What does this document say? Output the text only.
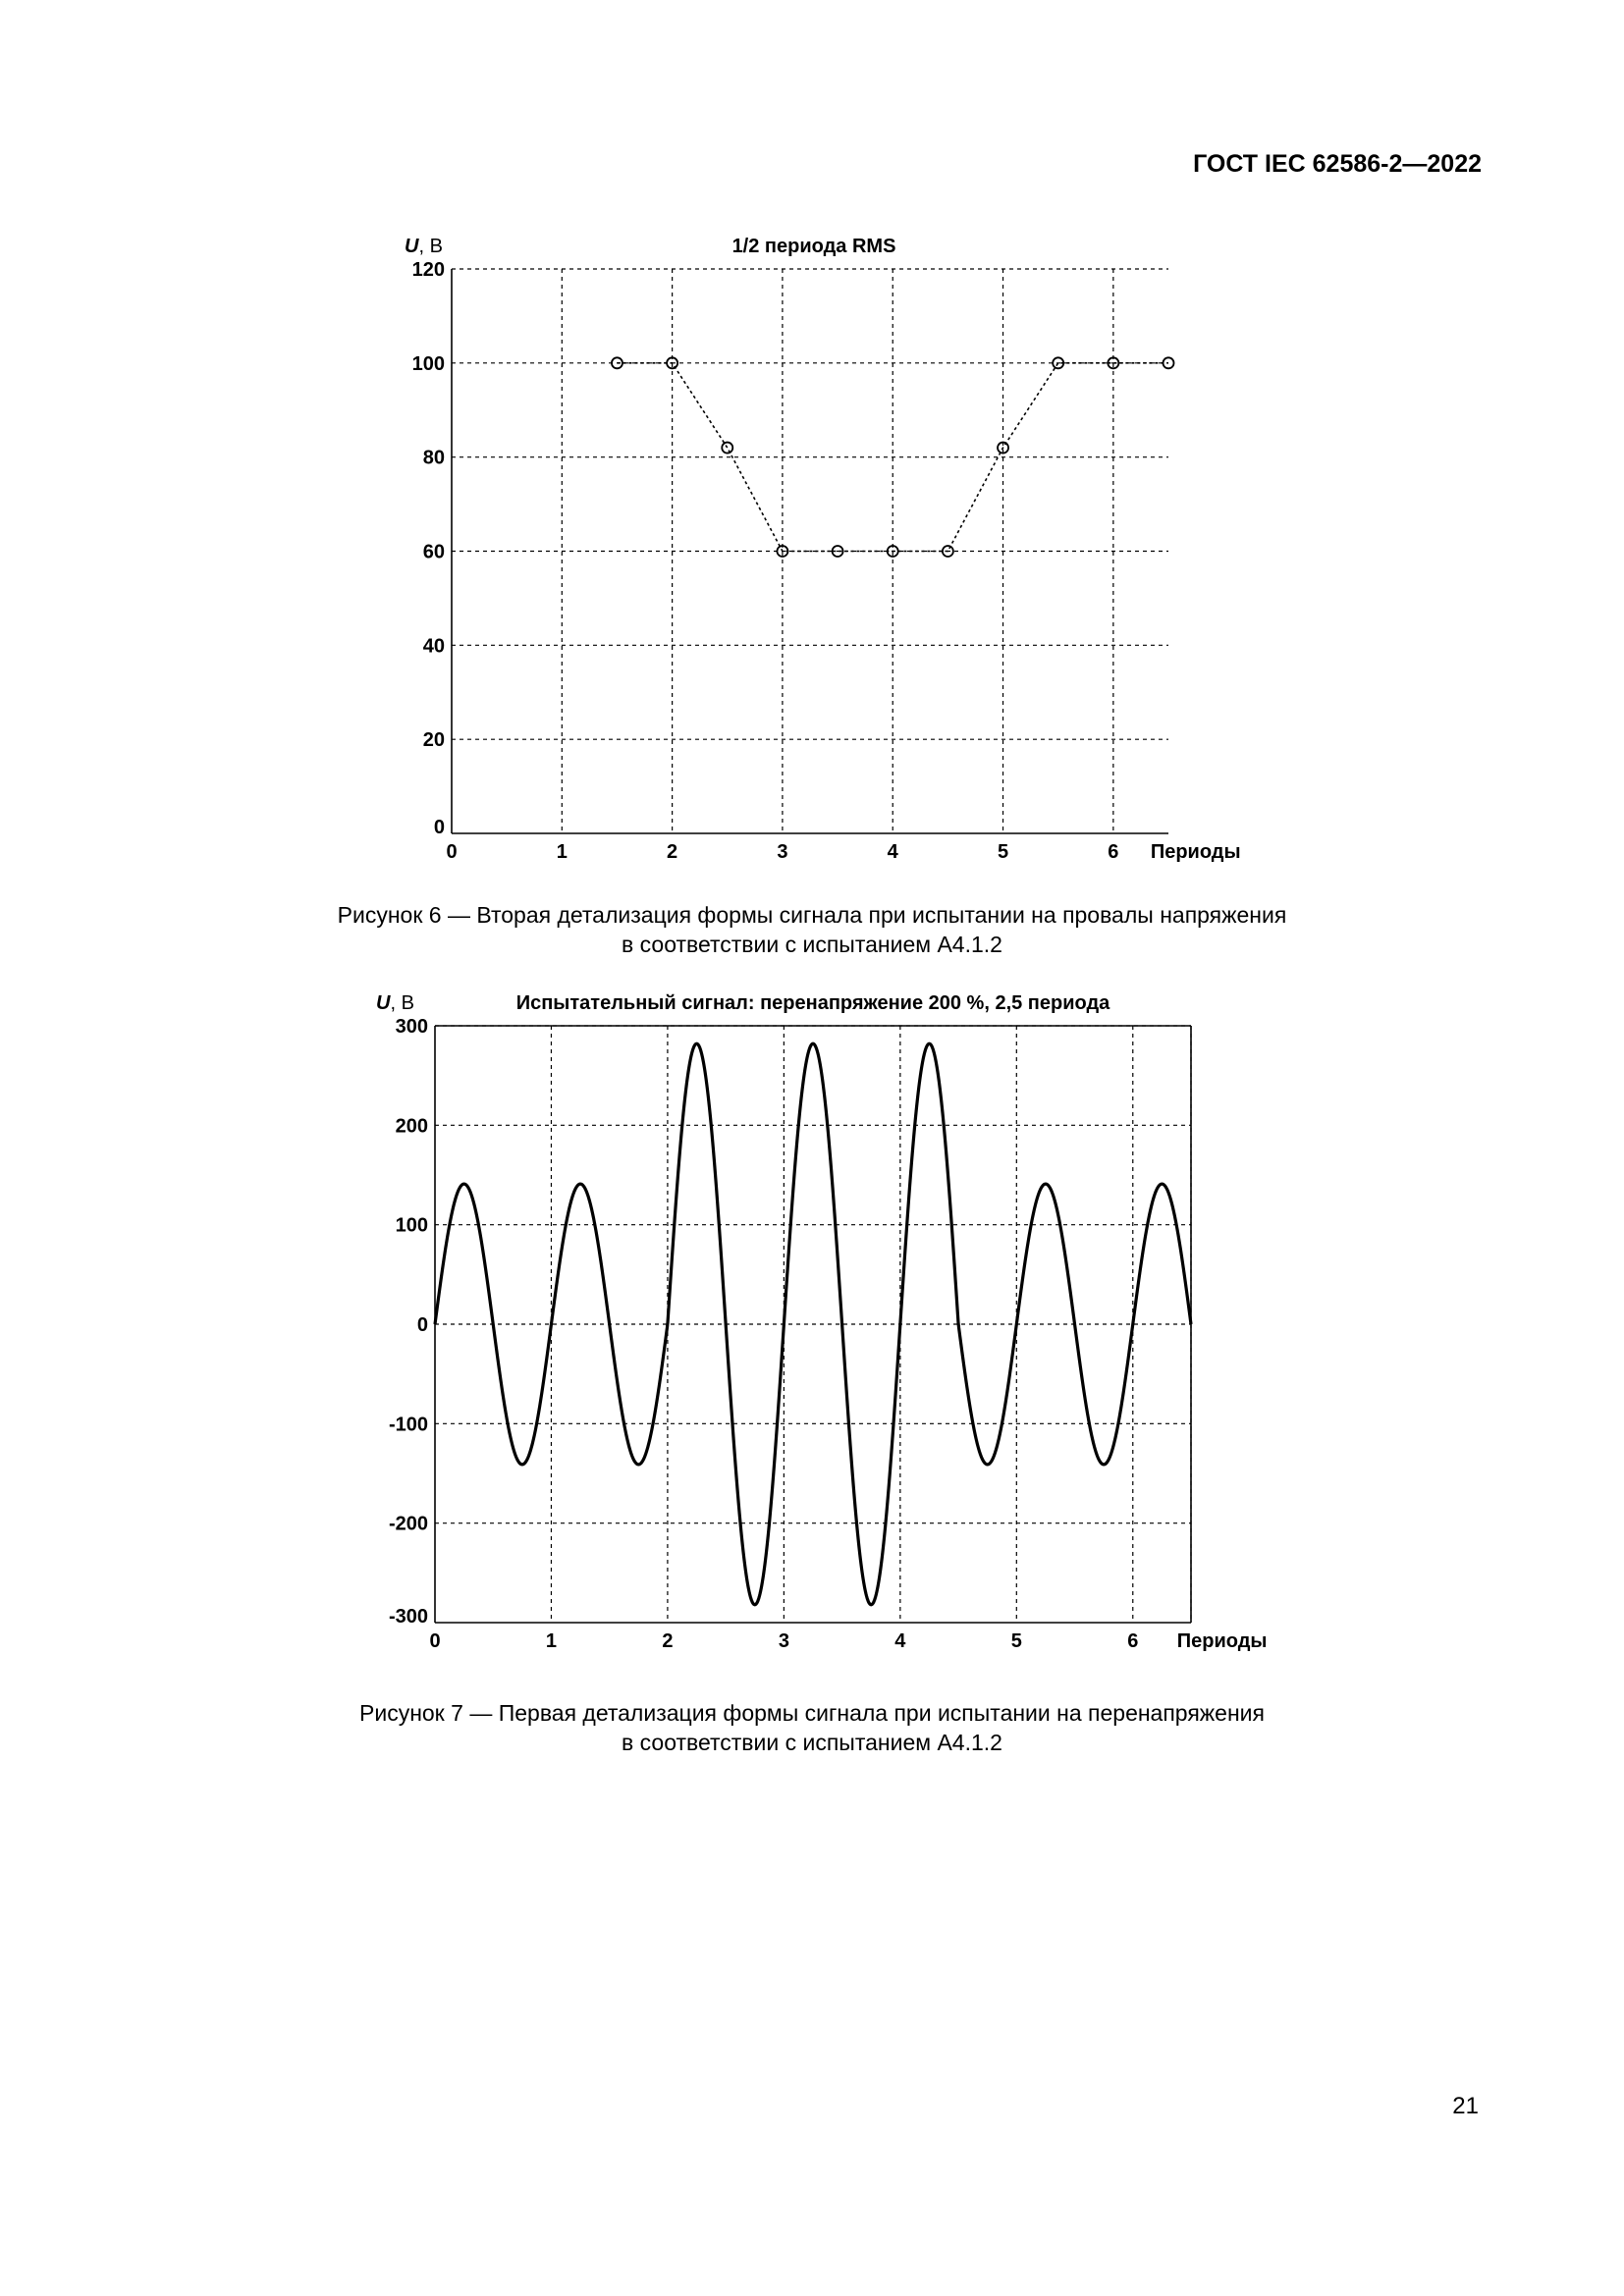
ГОСТ IEC 62586-2—2022
0
20
40
60
80
100
120
0	1	2	3	4	5	6 Периоды
U, В	1/2 периода RMS
Рисунок 6 — Вторая детализация формы сигнала при испытании на провалы напряжения
в соответствии с испытанием А4.1.2
-300
-200
-100
0
100
200
300
0	1	2	3	4	5	6 Периоды
U, В	Испытательный сигнал: перенапряжение 200 %, 2,5 периода
Рисунок 7 — Первая детализация формы сигнала при испытании на перенапряжения
в соответствии с испытанием А4.1.2
21
